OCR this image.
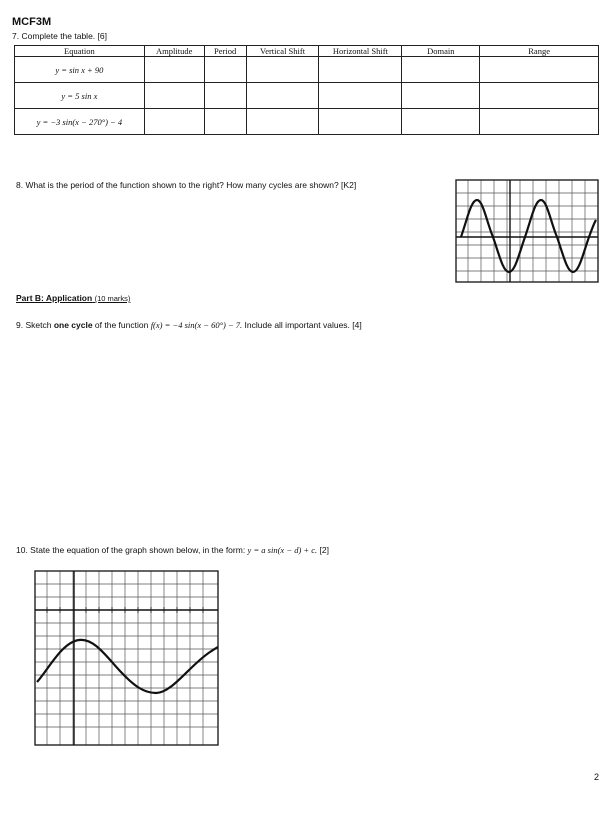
MCF3M
7. Complete the table. [6]
Equation	Amplitude	Period	Vertical Shift	Horizontal Shift	Domain	Range
y = sin x + 90						
y = 5 sin x						
y = −3 sin(x − 270°) − 4						
8. What is the period of the function shown to the right? How many cycles are shown? [K2]
Part B: Application (10 marks)
9. Sketch one cycle of the function f(x) = −4 sin(x − 60°) − 7. Include all important values. [4]
10. State the equation of the graph shown below, in the form: y = a sin(x − d) + c. [2]
2
